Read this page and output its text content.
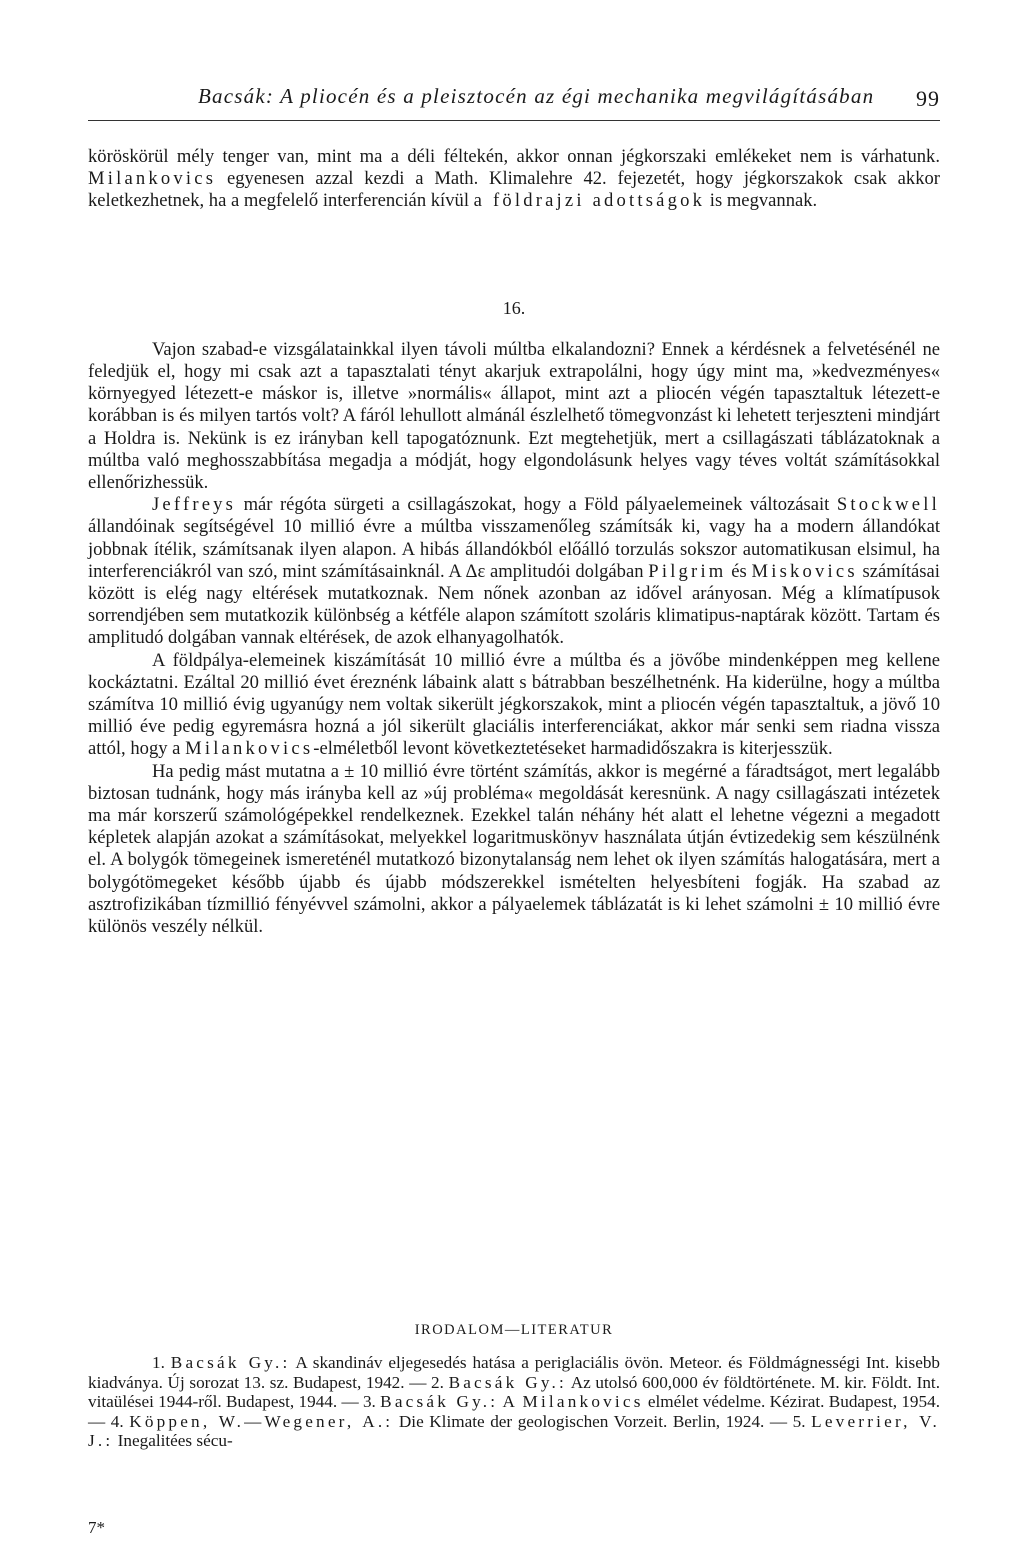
Bacsák: A pliocén és a pleisztocén az égi mechanika megvilágításában 99

köröskörül mély tenger van, mint ma a déli féltekén, akkor onnan jégkorszaki emlékeket nem is várhatunk. Milankovics egyenesen azzal kezdi a Math. Klimalehre 42. fejezetét, hogy jégkorszakok csak akkor keletkezhetnek, ha a megfelelő interferencián kívül a földrajzi adottságok is megvannak.

16.

Vajon szabad-e vizsgálatainkkal ilyen távoli múltba elkalandozni? Ennek a kérdésnek a felvetésénél ne feledjük el, hogy mi csak azt a tapasztalati tényt akarjuk extrapolálni, hogy úgy mint ma, »kedvezményes« környegyed létezett-e máskor is, illetve »normális« állapot, mint azt a pliocén végén tapasztaltuk létezett-e korábban is és milyen tartós volt? A fáról lehullott almánál észlelhető tömegvonzást ki lehetett terjeszteni mindjárt a Holdra is. Nekünk is ez irányban kell tapogatóznunk. Ezt megtehetjük, mert a csillagászati táblázatoknak a múltba való meghosszabbítása megadja a módját, hogy elgondolásunk helyes vagy téves voltát számításokkal ellenőrizhessük.

Jeffreys már régóta sürgeti a csillagászokat, hogy a Föld pályaelemeinek változásait Stockwell állandóinak segítségével 10 millió évre a múltba visszamenőleg számítsák ki, vagy ha a modern állandókat jobbnak ítélik, számítsanak ilyen alapon. A hibás állandókból előálló torzulás sokszor automatikusan elsimul, ha interferenciákról van szó, mint számításainknál. A Δε amplitudói dolgában Pilgrim és Miskovics számításai között is elég nagy eltérések mutatkoznak. Nem nőnek azonban az idővel arányosan. Még a klímatípusok sorrendjében sem mutatkozik különbség a kétféle alapon számított szoláris klimatipus-naptárak között. Tartam és amplitudó dolgában vannak eltérések, de azok elhanyagolhatók.

A földpálya-elemeinek kiszámítását 10 millió évre a múltba és a jövőbe mindenképpen meg kellene kockáztatni. Ezáltal 20 millió évet éreznénk lábaink alatt s bátrabban beszélhetnénk. Ha kiderülne, hogy a múltba számítva 10 millió évig ugyanúgy nem voltak sikerült jégkorszakok, mint a pliocén végén tapasztaltuk, a jövő 10 millió éve pedig egyremásra hozná a jól sikerült glaciális interferenciákat, akkor már senki sem riadna vissza attól, hogy a Milankovics-elméletből levont következtetéseket harmadidőszakra is kiterjesszük.

Ha pedig mást mutatna a ± 10 millió évre történt számítás, akkor is megérné a fáradtságot, mert legalább biztosan tudnánk, hogy más irányba kell az »új probléma« megoldását keresnünk. A nagy csillagászati intézetek ma már korszerű számológépekkel rendelkeznek. Ezekkel talán néhány hét alatt el lehetne végezni a megadott képletek alapján azokat a számításokat, melyekkel logaritmuskönyv használata útján évtizedekig sem készülnénk el. A bolygók tömegeinek ismereténél mutatkozó bizonytalanság nem lehet ok ilyen számítás halogatására, mert a bolygótömegeket később újabb és újabb módszerekkel ismételten helyesbíteni fogják. Ha szabad az asztrofizikában tízmillió fényévvel számolni, akkor a pályaelemek táblázatát is ki lehet számolni ± 10 millió évre különös veszély nélkül.

IRODALOM—LITERATUR
1. Bacsák Gy.: A skandináv eljegesedés hatása a periglaciális övön. Meteor. és Földmágnességi Int. kisebb kiadványa. Új sorozat 13. sz. Budapest, 1942. — 2. Bacsák Gy.: Az utolsó 600,000 év földtörténete. M. kir. Földt. Int. vitaülései 1944-ről. Budapest, 1944. — 3. Bacsák Gy.: A Milankovics elmélet védelme. Kézirat. Budapest, 1954. — 4. Köppen, W.—Wegener, A.: Die Klimate der geologischen Vorzeit. Berlin, 1924. — 5. Leverrier, V. J.: Inegalitées sécu-
7*
